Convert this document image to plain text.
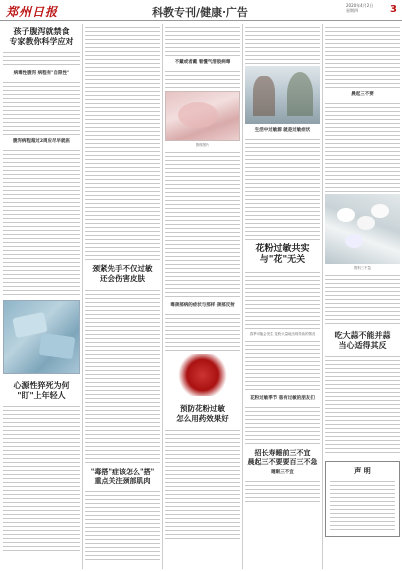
郑州日报	科教专刊/健康·广告
2020年4月2日
星期四	3
孩子腹泻就禁食
专家教你科学应对
病毒性腹泻 病程有"自限性"
腹泻病程超过2周应尽早就医
心源性猝死为何
"盯"上年轻人
颈紧先手不仅过敏
还会伤害皮肤
"毒搭"症该怎么"搭"
重点关注颈部肌肉
不戴或者戴 看懂气溶胶病毒
资料图片
毒颈部病的症状与那样 颈部反射
预防花粉过敏
怎么用药效果好
生活中过敏源 就是过敏症状
花粉过敏共实
与"花"无关
春季可能会发生 花粉大量地出现导致的情况
花粉过敏季节 患有过敏的朋友们
招长寿睡前三不宜
晨起三不要要百三不急
睡眠三不宜
晨起三不要
资料三不急
吃大蒜不能并蒜
当心适得其反
声 明
